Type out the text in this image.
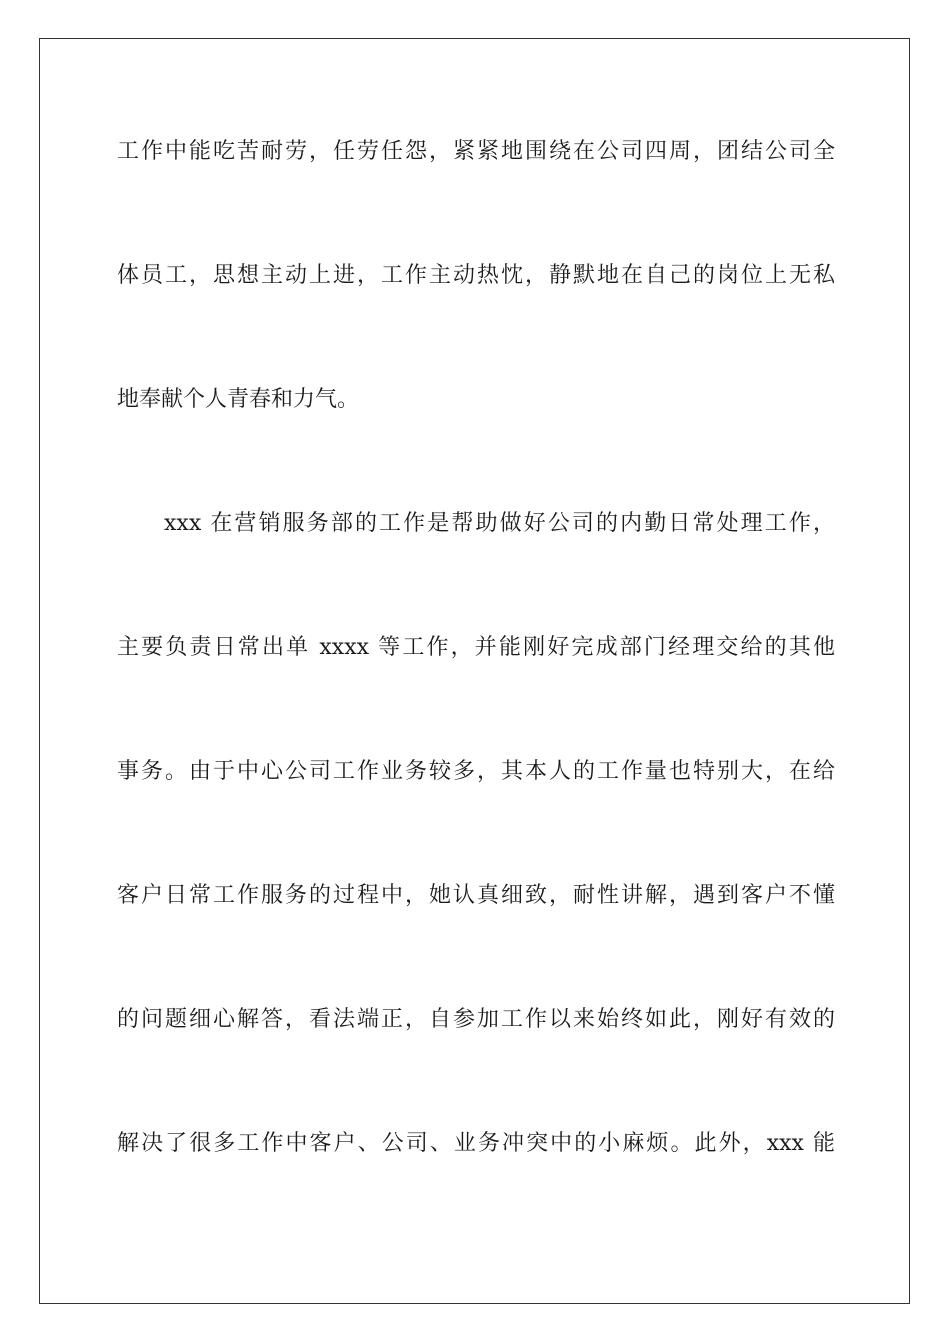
工作中能吃苦耐劳，任劳任怨，紧紧地围绕在公司四周，团结公司全
体员工，思想主动上进，工作主动热忱，静默地在自己的岗位上无私
地奉献个人青春和力气。
xxx 在营销服务部的工作是帮助做好公司的内勤日常处理工作，
主要负责日常出单 xxxx 等工作，并能刚好完成部门经理交给的其他
事务。由于中心公司工作业务较多，其本人的工作量也特别大，在给
客户日常工作服务的过程中，她认真细致，耐性讲解，遇到客户不懂
的问题细心解答，看法端正，自参加工作以来始终如此，刚好有效的
解决了很多工作中客户、公司、业务冲突中的小麻烦。此外，xxx 能
